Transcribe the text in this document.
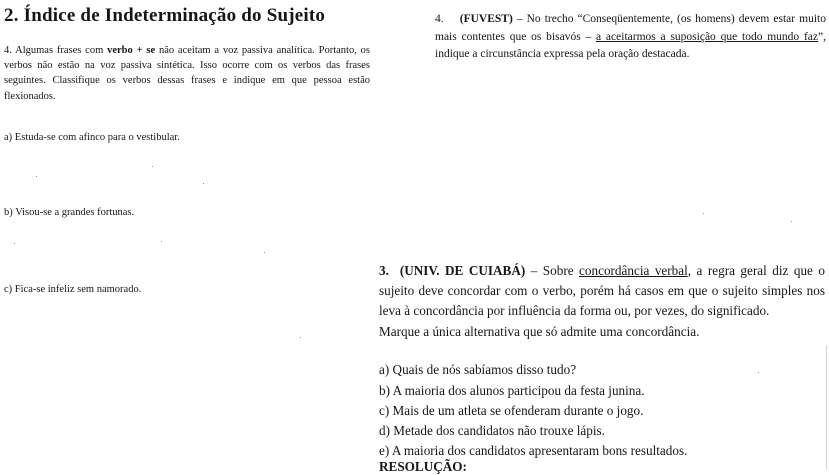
2. Índice de Indeterminação do Sujeito

4. Algumas frases com verbo + se não aceitam a voz passiva analítica. Portanto, os verbos não estão na voz passiva sintética. Isso ocorre com os verbos das frases seguintes. Classifique os verbos dessas frases e indique em que pessoa estão flexionados.

a) Estuda-se com afinco para o vestibular.

b) Visou-se a grandes fortunas.

c) Fica-se infeliz sem namorado.

4. (FUVEST) – No trecho “Conseqüentemente, (os homens) devem estar muito mais contentes que os bisavós – a aceitarmos a suposição que todo mundo faz”, indique a circunstância expressa pela oração destacada.

3. (UNIV. DE CUIABÁ) – Sobre concordância verbal, a regra geral diz que o sujeito deve concordar com o verbo, porém há casos em que o sujeito simples nos leva à concordância por influência da forma ou, por vezes, do significado.

Marque a única alternativa que só admite uma concordância.

a) Quais de nós sabíamos disso tudo?

b) A maioria dos alunos participou da festa junina.

c) Mais de um atleta se ofenderam durante o jogo.

d) Metade dos candidatos não trouxe lápis.

e) A maioria dos candidatos apresentaram bons resultados.

RESOLUÇÃO:
